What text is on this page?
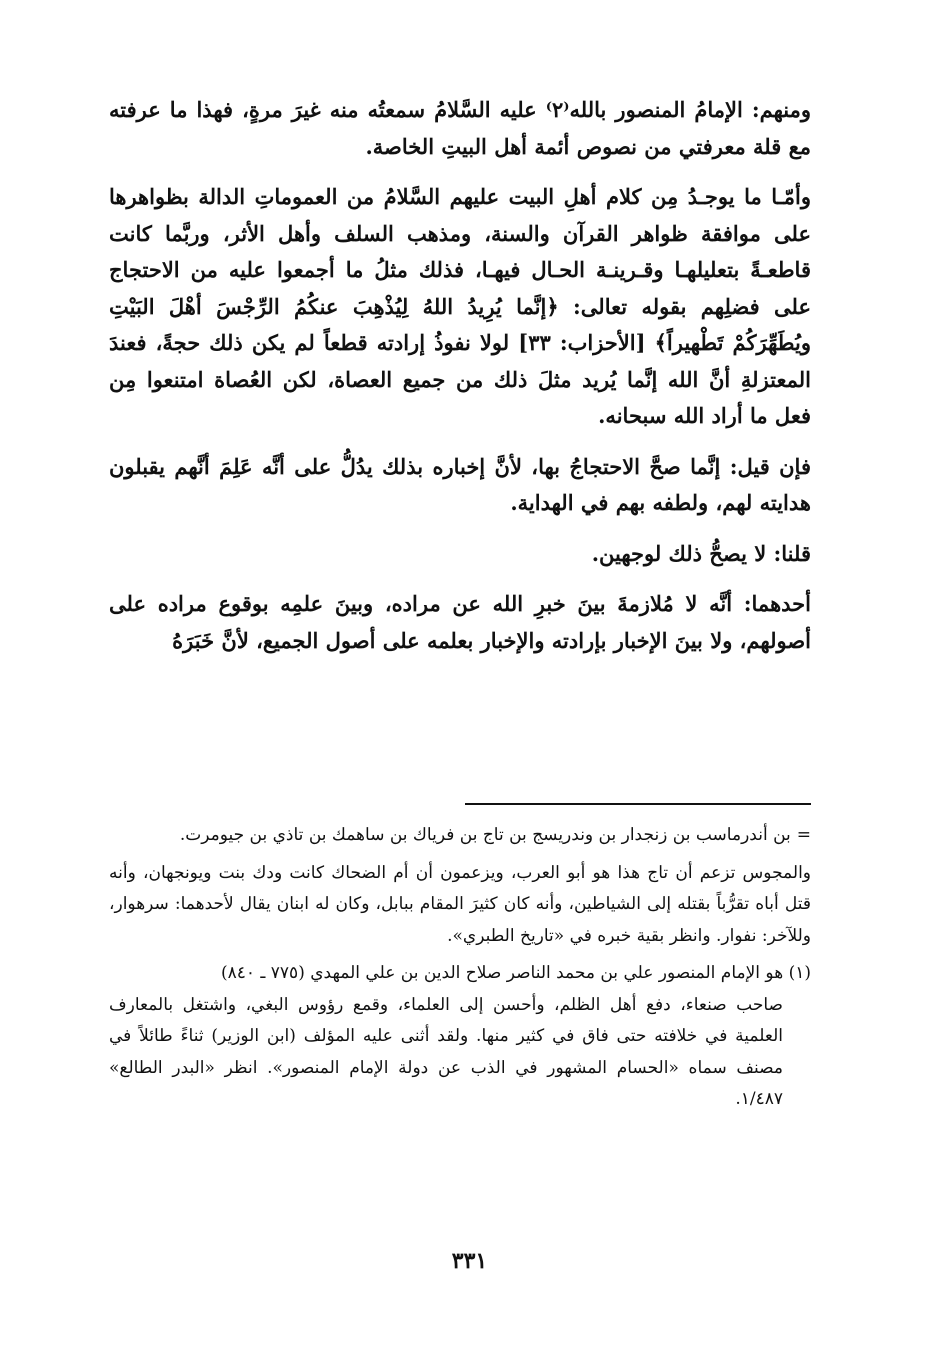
ومنهم: الإمامُ المنصور بالله⁽٢⁾ عليه السَّلامُ سمعتُه منه غيرَ مرةٍ، فهذا ما عرفته مع قلة معرفتي من نصوص أئمة أهل البيتِ الخاصة.

وأمّـا ما يوجـدُ مِن كلام أهلِ البيت عليهم السَّلامُ من العموماتِ الدالة بظواهرها على موافقة ظواهر القرآن والسنة، ومذهب السلف وأهل الأثر، وربَّما كانت قاطعـةً بتعليلهـا وقـرينـة الحـال فيهـا، فذلك مثلُ ما أجمعوا عليه من الاحتجاج على فضلِهم بقوله تعالى: ﴿إنَّما يُرِيدُ اللهُ لِيُذْهِبَ عنكُمُ الرِّجْسَ أهْلَ البَيْتِ ويُطَهِّرَكُمْ تَطْهيراً﴾ [الأحزاب: ٣٣] لولا نفوذُ إرادته قطعاً لم يكن ذلك حجةً، فعندَ المعتزلةِ أنَّ الله إنَّما يُريد مثلَ ذلك من جميع العصاة، لكن العُصاة امتنعوا مِن فعل ما أراد الله سبحانه.

فإن قيل: إنَّما صحَّ الاحتجاجُ بها، لأنَّ إخباره بذلك يدُلُّ على أنَّه عَلِمَ أنَّهم يقبلون هدايته لهم، ولطفه بهم في الهداية.

قلنا: لا يصحُّ ذلك لوجهين.

أحدهما: أنَّه لا مُلازمةَ بينَ خبرِ الله عن مراده، وبينَ علمِه بوقوع مراده على أصولهم، ولا بينَ الإخبار بإرادته والإخبار بعلمه على أصول الجميع، لأنَّ خَبَرَهُ

=بن أندرماسب بن زنجدار بن وندريسج بن تاج بن فرياك بن ساهمك بن تاذي بن جيومرت.

والمجوس تزعم أن تاج هذا هو أبو العرب، ويزعمون أن أم الضحاك كانت ودك بنت ويونجهان، وأنه قتل أباه تقرُّباً بقتله إلى الشياطين، وأنه كان كثيرَ المقام ببابل، وكان له ابنان يقال لأحدهما: سرهوار، وللآخر: نفوار. وانظر بقية خبره في «تاريخ الطبري».

(١) هو الإمام المنصور علي بن محمد الناصر صلاح الدين بن علي المهدي (٧٧٥ ـ ٨٤٠)

صاحب صنعاء، دفع أهل الظلم، وأحسن إلى العلماء، وقمع رؤوس البغي، واشتغل بالمعارف العلمية في خلافته حتى فاق في كثير منها. ولقد أثنى عليه المؤلف (ابن الوزير) ثناءً طائلاً في مصنف سماه «الحسام المشهور في الذب عن دولة الإمام المنصور». انظر «البدر الطالع» ١/٤٨٧.

٣٣١
